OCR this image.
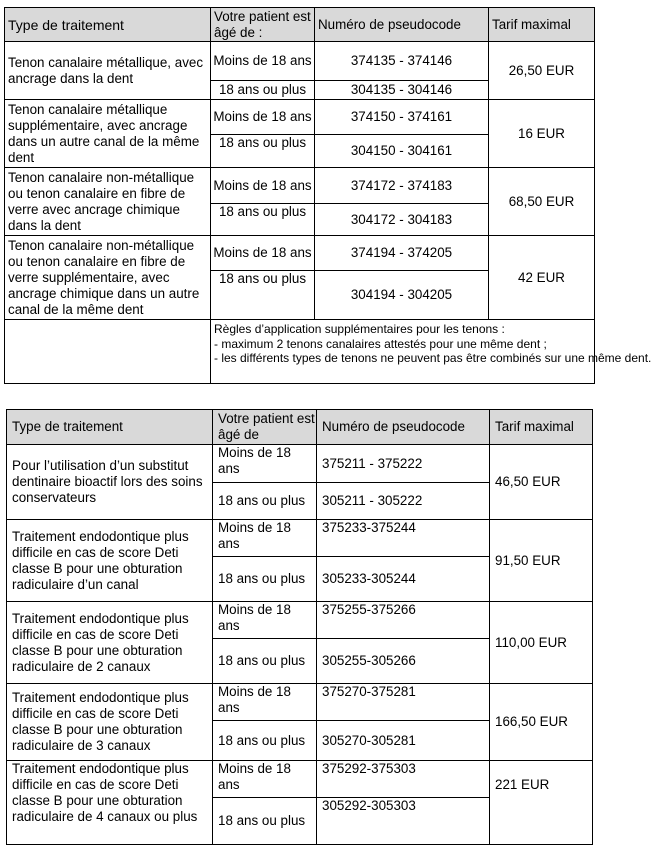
Type de traitement	Votre patient est âgé de :	Numéro de pseudocode	Tarif maximal
Tenon canalaire métallique, avec ancrage dans la dent	Moins de 18 ans	374135 - 374146	26,50 EUR
	18 ans ou plus	304135 - 304146	
Tenon canalaire métallique supplémentaire, avec ancrage dans un autre canal de la même dent	Moins de 18 ans	374150 - 374161	16 EUR
	18 ans ou plus	304150 - 304161	
Tenon canalaire non-métallique ou tenon canalaire en fibre de verre avec ancrage chimique dans la dent	Moins de 18 ans	374172 - 374183	68,50 EUR
	18 ans ou plus	304172 - 304183	
Tenon canalaire non-métallique ou tenon canalaire en fibre de verre supplémentaire, avec ancrage chimique dans un autre canal de la même dent	Moins de 18 ans	374194 - 374205	42 EUR
	18 ans ou plus	304194 - 304205	

	Règles d’application supplémentaires pour les tenons :
- maximum 2 tenons canalaires attestés pour une même dent ;
- les différents types de tenons ne peuvent pas être combinés sur une même dent.		
Type de traitement	Votre patient est âgé de	Numéro de pseudocode	Tarif maximal
Pour l’utilisation d’un substitut dentinaire bioactif lors des soins conservateurs	Moins de 18 ans	375211 - 375222	46,50 EUR
	18 ans ou plus	305211 - 305222	
Traitement endodontique plus difficile en cas de score Deti classe B pour une obturation radiculaire d’un canal	Moins de 18 ans	375233-375244	91,50 EUR
	18 ans ou plus	305233-305244	
Traitement endodontique plus difficile en cas de score Deti classe B pour une obturation radiculaire de 2 canaux	Moins de 18 ans	375255-375266	110,00 EUR
	18 ans ou plus	305255-305266	
Traitement endodontique plus difficile en cas de score Deti classe B pour une obturation radiculaire de 3 canaux	Moins de 18 ans	375270-375281	166,50 EUR
	18 ans ou plus	305270-305281	
Traitement endodontique plus difficile en cas de score Deti classe B pour une obturation radiculaire de 4 canaux ou plus	Moins de 18 ans	375292-375303	221 EUR
	18 ans ou plus	305292-305303	
